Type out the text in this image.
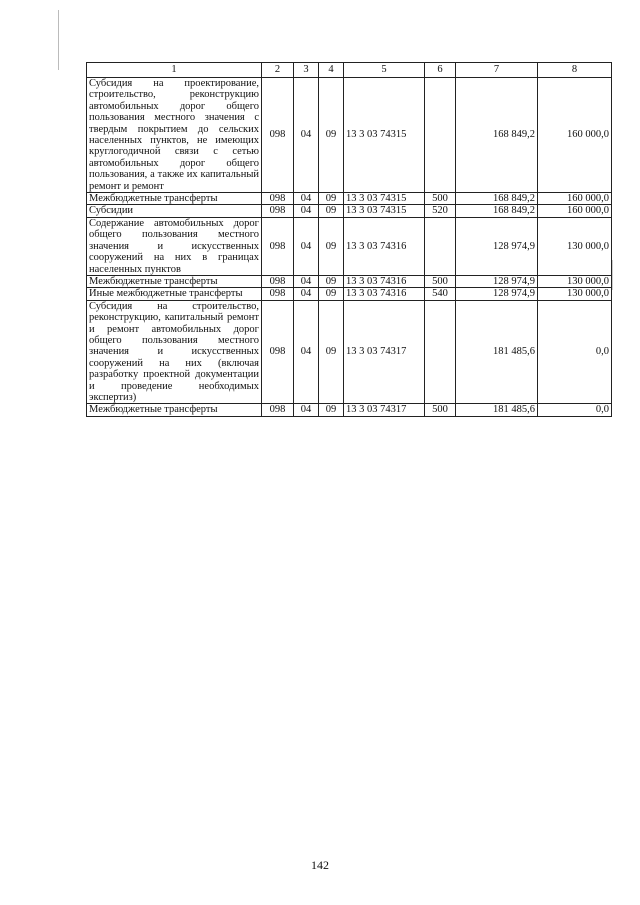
1	2	3	4	5	6	7	8
Субсидия на проектирование, строительство, реконструкцию автомобильных дорог общего пользования местного значения с твердым покрытием до сельских населенных пунктов, не имеющих круглогодичной связи с сетью автомобильных дорог общего пользования, а также их капитальный ремонт и ремонт	098	04	09	13 3 03 74315		168 849,2	160 000,0
Межбюджетные трансферты	098	04	09	13 3 03 74315	500	168 849,2	160 000,0
Субсидии	098	04	09	13 3 03 74315	520	168 849,2	160 000,0
Содержание автомобильных дорог общего пользования местного значения и искусственных сооружений на них в границах населенных пунктов	098	04	09	13 3 03 74316		128 974,9	130 000,0
Межбюджетные трансферты	098	04	09	13 3 03 74316	500	128 974,9	130 000,0
Иные межбюджетные трансферты	098	04	09	13 3 03 74316	540	128 974,9	130 000,0
Субсидия на строительство, реконструкцию, капитальный ремонт и ремонт автомобильных дорог общего пользования местного значения и искусственных сооружений на них (включая разработку проектной документации и проведение необходимых экспертиз)	098	04	09	13 3 03 74317		181 485,6	0,0
Межбюджетные трансферты	098	04	09	13 3 03 74317	500	181 485,6	0,0
142
